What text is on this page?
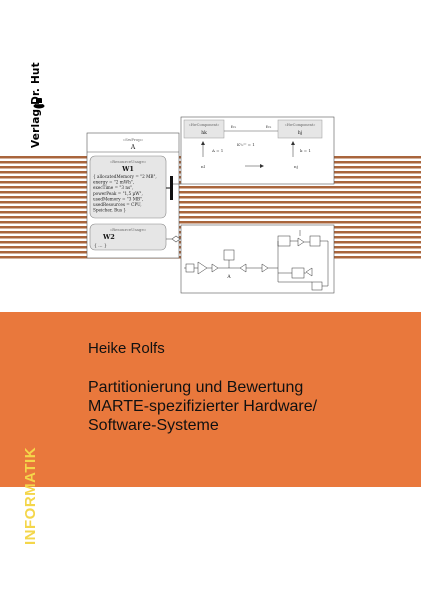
Verlag Dr. Hut	«SwProp»
A
«ResourceUsage»
W1
{ allocatedMemory = "2 MB",
energy = "2 mWh",
execTime = "3 ns",
powerPeak = "1,5 µW",
usedMemory = "3 MB",
usedResources = CPU,
Speicher, Bus }
«ResourceUsage»
W2
{ ... }
«HwComponent»
hk
«HwComponent»
hj
fc₁	fc₂
Kᵃₗₗᵒᶜ = 1
A = 1	k = 1
nl	nj
A
Heike Rolfs
Partitionierung und Bewertung
MARTE-spezifizierter Hardware/
Software-Systeme
INFORMATIK
